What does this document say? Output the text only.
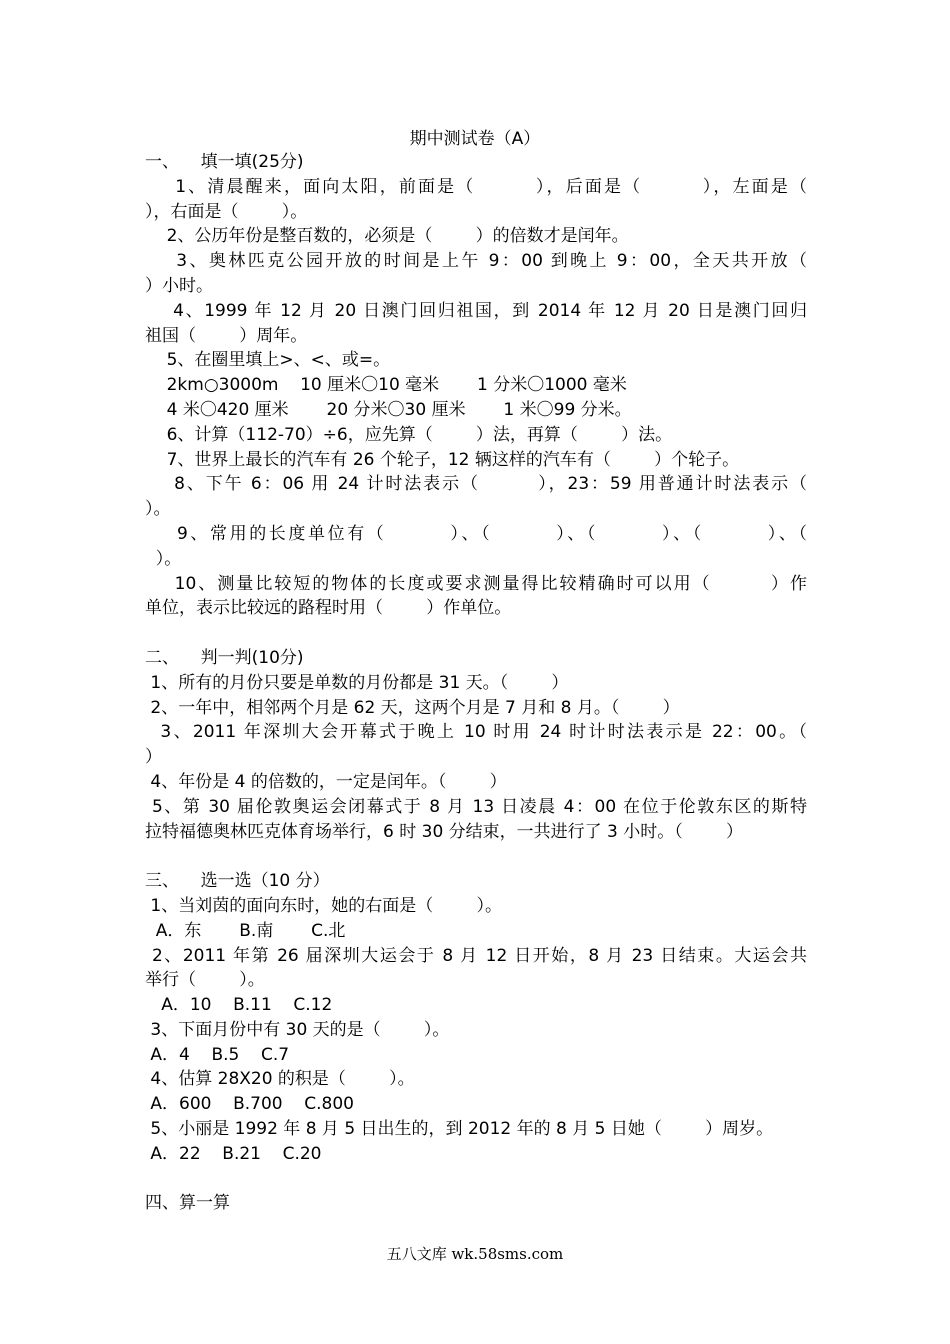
期中测试卷（A）
一、    填一填(25分)
1、清晨醒来，面向太阳，前面是（        ），后面是（        ），左面是（
），右面是（        ）。
2、公历年份是整百数的，必须是（        ）的倍数才是闰年。
3、奥林匹克公园开放的时间是上午 9：00 到晚上 9：00，全天共开放（
）小时。
4、1999 年 12 月 20 日澳门回归祖国，到 2014 年 12 月 20 日是澳门回归
祖国（        ）周年。
5、在圈里填上>、<、或=。
2km○3000m    10 厘米〇10 毫米       1 分米〇1000 毫米
4 米〇420 厘米       20 分米〇30 厘米       1 米〇99 分米。
6、计算（112-70）÷6，应先算（        ）法，再算（        ）法。
7、世界上最长的汽车有 26 个轮子，12 辆这样的汽车有（        ）个轮子。
8、下午 6：06 用 24 计时法表示（        ），23：59 用普通计时法表示（
）。
9、常用的长度单位有（        ）、（        ）、（        ）、（        ）、（
）。
10、测量比较短的物体的长度或要求测量得比较精确时可以用（        ）作
单位，表示比较远的路程时用（        ）作单位。
二、    判一判(10分)
1、所有的月份只要是单数的月份都是 31 天。（        ）
2、一年中，相邻两个月是 62 天，这两个月是 7 月和 8 月。（        ）
3、2011 年深圳大会开幕式于晚上 10 时用 24 时计时法表示是 22：00。（
）
4、年份是 4 的倍数的，一定是闰年。（        ）
5、第 30 届伦敦奥运会闭幕式于 8 月 13 日凌晨 4：00 在位于伦敦东区的斯特
拉特福德奥林匹克体育场举行，6 时 30 分结束，一共进行了 3 小时。（        ）
三、    选一选（10 分）
1、当刘茵的面向东时，她的右面是（        ）。
A．东       B.南       C.北
2、2011 年第 26 届深圳大运会于 8 月 12 日开始，8 月 23 日结束。大运会共
举行（        ）。
A．10    B.11    C.12
3、下面月份中有 30 天的是（        ）。
A．4    B.5    C.7
4、估算 28X20 的积是（        ）。
A．600    B.700    C.800
5、小丽是 1992 年 8 月 5 日出生的，到 2012 年的 8 月 5 日她（        ）周岁。
A．22    B.21    C.20
四、算一算
五八文库 wk.58sms.com
